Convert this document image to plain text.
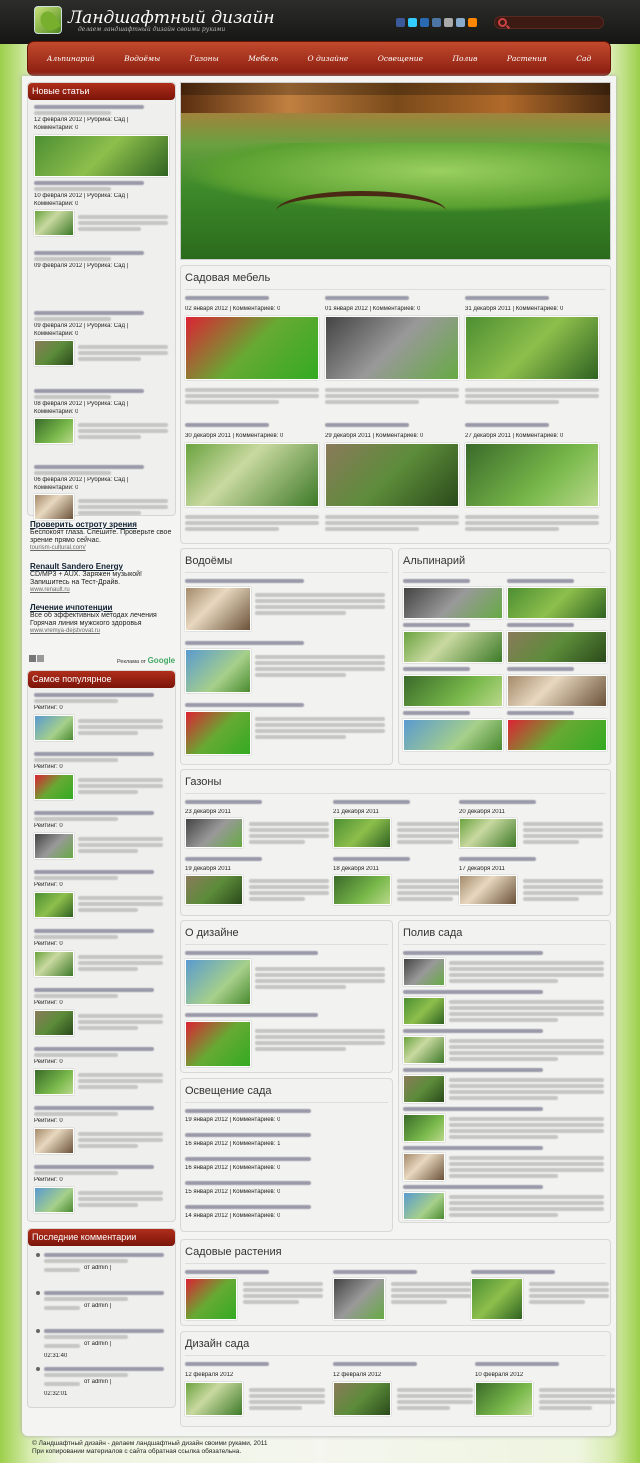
Ландшафтный дизайн
делаем ландшафтный дизайн своими руками
Альпинарий	Водоёмы	Газоны	Мебель	О дизайне	Освещение	Полив	Растения	Сад
Новые статьи
12 февраля 2012 | Рубрика: Сад |
Комментарии: 0
10 февраля 2012 | Рубрика: Сад |
Комментарии: 0
09 февраля 2012 | Рубрика: Сад |
Комментарии: 0
08 февраля 2012 | Рубрика: Сад |
Комментарии: 0
06 февраля 2012 | Рубрика: Сад |
Комментарии: 0
09 февраля 2012 | Рубрика: Сад |
Проверить остроту зрения
Беспокоят глаза. Спешите. Проверьте свое зрение прямо сейчас.
tourism-cultural.com/
Renault Sandero Energy
CD/MP3 + AUX. Заряжен музыкой! Запишитесь на Тест-Драйв.
www.renault.ru
Лечение ичпотенции
Все об эффективных методах лечения Горячая линия мужского здоровья
www.vremya-dejstvovat.ru
Реклама от Google
Самое популярное
Рейтинг: 0
Рейтинг: 0
Рейтинг: 0
Рейтинг: 0
Рейтинг: 0
Рейтинг: 0
Рейтинг: 0
Рейтинг: 0
Рейтинг: 0
Последние комментарии
от admin |
от admin |
от admin |
02:31:40
от admin |
02:32:01
Садовая мебель
02 января 2012 | Комментариев: 0	01 января 2012 | Комментариев: 0	31 декабря 2011 | Комментариев: 0
30 декабря 2011 | Комментариев: 0	29 декабря 2011 | Комментариев: 0	27 декабря 2011 | Комментариев: 0
Водоёмы	Альпинарий
Газоны
23 декабря 2011	21 декабря 2011	20 декабря 2011
19 декабря 2011	18 декабря 2011	17 декабря 2011
О дизайне	Полив сада
Освещение сада
19 января 2012 | Комментариев: 0
16 января 2012 | Комментариев: 1
16 января 2012 | Комментариев: 0
15 января 2012 | Комментариев: 0
14 января 2012 | Комментариев: 0
Садовые растения
Дизайн сада
12 февраля 2012	12 февраля 2012	10 февраля 2012
© Ландшафтный дизайн - делаем ландшафтный дизайн своими руками, 2011
При копировании материалов с сайта обратная ссылка обязательна.
